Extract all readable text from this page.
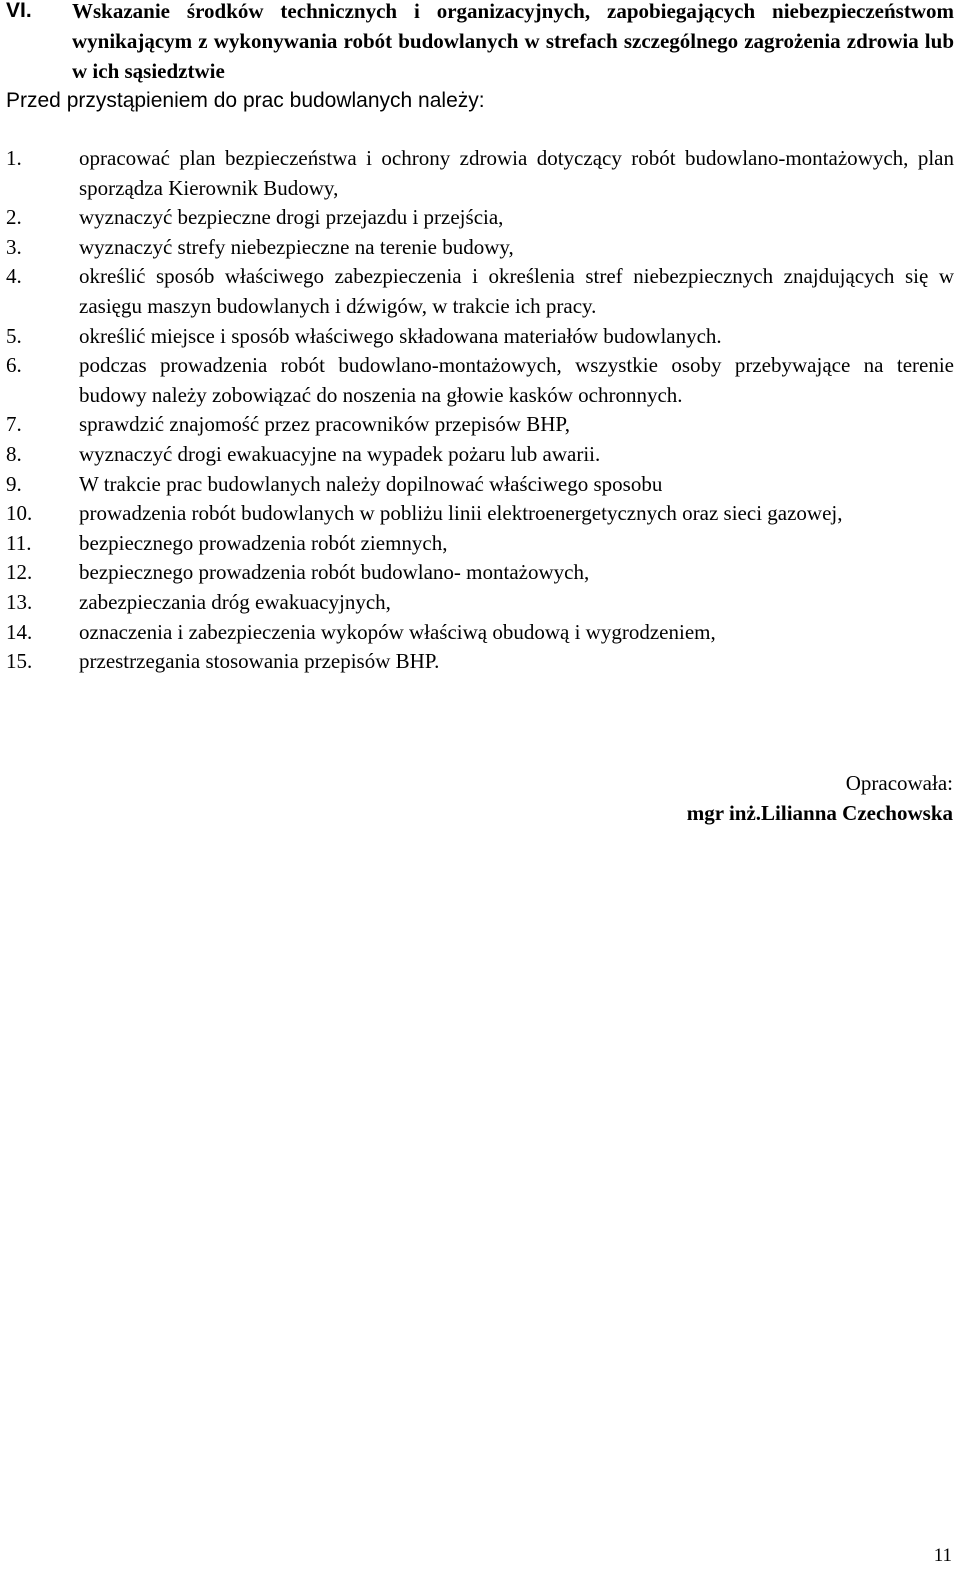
VI. Wskazanie środków technicznych i organizacyjnych, zapobiegających niebezpieczeństwom wynikającym z wykonywania robót budowlanych w strefach szczególnego zagrożenia zdrowia lub w ich sąsiedztwie
Przed przystąpieniem do prac budowlanych należy:
1.	opracować plan bezpieczeństwa i ochrony zdrowia dotyczący robót budowlano-montażowych, plan sporządza Kierownik Budowy,
2.	wyznaczyć bezpieczne drogi przejazdu i przejścia,
3.	wyznaczyć strefy niebezpieczne na terenie budowy,
4.	określić sposób właściwego zabezpieczenia i określenia stref niebezpiecznych znajdujących się w zasięgu maszyn budowlanych i dźwigów, w trakcie ich pracy.
5.	określić miejsce i sposób właściwego składowana materiałów budowlanych.
6.	podczas prowadzenia robót budowlano-montażowych, wszystkie osoby przebywające na terenie budowy należy zobowiązać do noszenia na głowie kasków ochronnych.
7.	sprawdzić znajomość przez pracowników przepisów BHP,
8.	wyznaczyć drogi ewakuacyjne na wypadek pożaru lub awarii.
9.	W trakcie prac budowlanych należy dopilnować właściwego sposobu
10.	prowadzenia robót budowlanych w pobliżu linii elektroenergetycznych oraz sieci gazowej,
11.	bezpiecznego prowadzenia robót ziemnych,
12.	bezpiecznego prowadzenia robót budowlano- montażowych,
13.	zabezpieczania dróg ewakuacyjnych,
14.	oznaczenia i zabezpieczenia wykopów właściwą obudową i wygrodzeniem,
15.	przestrzegania stosowania przepisów BHP.
Opracowała:
mgr inż.Lilianna Czechowska
11
